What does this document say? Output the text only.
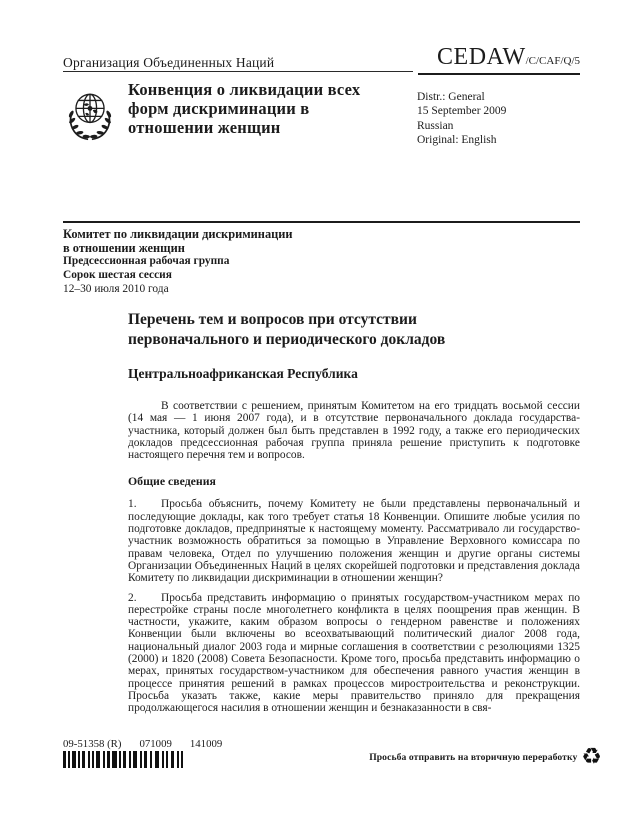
Организация Объединенных Наций	CEDAW/C/CAF/Q/5
Конвенция о ликвидации всех форм дискриминации в отношении женщин
Distr.: General
15 September 2009
Russian
Original: English
Комитет по ликвидации дискриминации
в отношении женщин
Предсессионная рабочая группа
Сорок шестая сессия
12–30 июля 2010 года
Перечень тем и вопросов при отсутствии первоначального и периодического докладов
Центральноафриканская Республика

В соответствии с решением, принятым Комитетом на его тридцать восьмой сессии (14 мая — 1 июня 2007 года), и в отсутствие первоначального доклада государства-участника, который должен был быть представлен в 1992 году, а также его периодических докладов предсессионная рабочая группа приняла решение приступить к подготовке настоящего перечня тем и вопросов.

Общие сведения

1. Просьба объяснить, почему Комитету не были представлены первоначальный и последующие доклады, как того требует статья 18 Конвенции. Опишите любые усилия по подготовке докладов, предпринятые к настоящему моменту. Рассматривало ли государство-участник возможность обратиться за помощью в Управление Верховного комиссара по правам человека, Отдел по улучшению положения женщин и другие органы системы Организации Объединенных Наций в целях скорейшей подготовки и представления доклада Комитету по ликвидации дискриминации в отношении женщин?

2. Просьба представить информацию о принятых государством-участником мерах по перестройке страны после многолетнего конфликта в целях поощрения прав женщин. В частности, укажите, каким образом вопросы о гендерном равенстве и положениях Конвенции были включены во всеохватывающий политический диалог 2008 года, национальный диалог 2003 года и мирные соглашения в соответствии с резолюциями 1325 (2000) и 1820 (2008) Совета Безопасности. Кроме того, просьба представить информацию о мерах, принятых государством-участником для обеспечения равного участия женщин в процессе принятия решений в рамках процессов миростроительства и реконструкции. Просьба указать также, какие меры правительство приняло для прекращения продолжающегося насилия в отношении женщин и безнаказанности в свя-

09-51358 (R) 071009 141009
Просьба отправить на вторичную переработку ♻
